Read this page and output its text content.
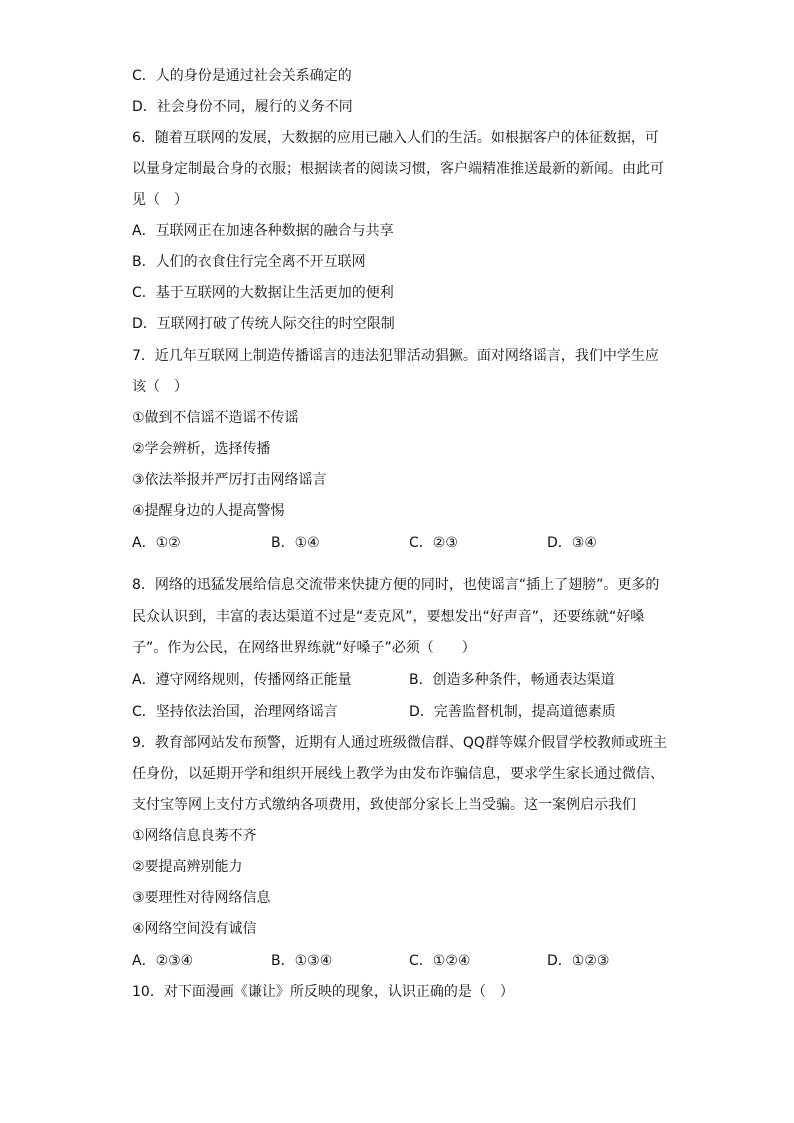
C．人的身份是通过社会关系确定的
D．社会身份不同，履行的义务不同
6．随着互联网的发展，大数据的应用已融入人们的生活。如根据客户的体征数据，可
以量身定制最合身的衣服；根据读者的阅读习惯，客户端精准推送最新的新闻。由此可
见（　）
A．互联网正在加速各种数据的融合与共享
B．人们的衣食住行完全离不开互联网
C．基于互联网的大数据让生活更加的便利
D．互联网打破了传统人际交往的时空限制
7．近几年互联网上制造传播谣言的违法犯罪活动猖獗。面对网络谣言，我们中学生应
该（　）
①做到不信谣不造谣不传谣
②学会辨析，选择传播
③依法举报并严厉打击网络谣言
④提醒身边的人提高警惕
A．①②	B．①④	C．②③	D．③④
8．网络的迅猛发展给信息交流带来快捷方便的同时，也使谣言“插上了翅膀”。更多的
民众认识到，丰富的表达渠道不过是“麦克风”，要想发出“好声音”，还要练就“好嗓
子”。作为公民，在网络世界练就“好嗓子”必须（　　）
A．遵守网络规则，传播网络正能量	B．创造多种条件，畅通表达渠道
C．坚持依法治国，治理网络谣言	D．完善监督机制，提高道德素质
9．教育部网站发布预警，近期有人通过班级微信群、QQ群等媒介假冒学校教师或班主
任身份，以延期开学和组织开展线上教学为由发布诈骗信息，要求学生家长通过微信、
支付宝等网上支付方式缴纳各项费用，致使部分家长上当受骗。这一案例启示我们
①网络信息良莠不齐
②要提高辨别能力
③要理性对待网络信息
④网络空间没有诚信
A．②③④	B．①③④	C．①②④	D．①②③
10．对下面漫画《谦让》所反映的现象，认识正确的是（　）
